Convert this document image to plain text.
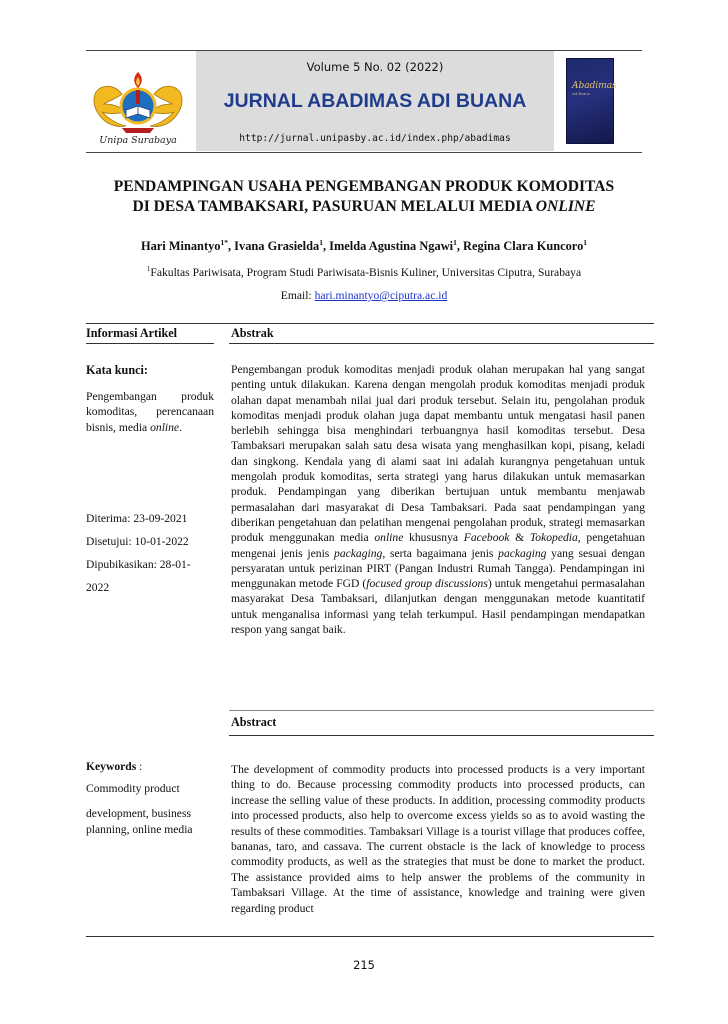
Volume 5 No. 02 (2022)
JURNAL ABADIMAS ADI BUANA
http://jurnal.unipasby.ac.id/index.php/abadimas
Unipa Surabaya
Abadimas
Adi Buana
PENDAMPINGAN USAHA PENGEMBANGAN PRODUK KOMODITAS
DI DESA TAMBAKSARI, PASURUAN MELALUI MEDIA ONLINE
Hari Minantyo$^{1*}$, Ivana Grasielda$^1$, Imelda Agustina Ngawi$^1$, Regina Clara Kuncoro$^1$
$^1$Fakultas Pariwisata, Program Studi Pariwisata-Bisnis Kuliner, Universitas Ciputra, Surabaya
Email: hari.minantyo@ciputra.ac.id
Informasi Artikel	Abstrak
Kata kunci:
Pengembangan produk komoditas, perencanaan bisnis, media online.
Diterima: 23-09-2021
Disetujui: 10-01-2022
Dipubikasikan: 28-01-
2022
Pengembangan produk komoditas menjadi produk olahan merupakan hal yang sangat penting untuk dilakukan. Karena dengan mengolah produk komoditas menjadi produk olahan dapat menambah nilai jual dari produk tersebut. Selain itu, pengolahan produk komoditas menjadi produk olahan juga dapat membantu untuk mengatasi hasil panen berlebih sehingga bisa menghindari terbuangnya hasil komoditas tersebut. Desa Tambaksari merupakan salah satu desa wisata yang menghasilkan kopi, pisang, keladi dan singkong. Kendala yang di alami saat ini adalah kurangnya pengetahuan untuk mengolah produk komoditas, serta strategi yang harus dilakukan untuk memasarkan produk. Pendampingan yang diberikan bertujuan untuk membantu menjawab permasalahan dari masyarakat di Desa Tambaksari. Pada saat pendampingan yang diberikan pengetahuan dan pelatihan mengenai pengolahan produk, strategi memasarkan produk menggunakan media online khususnya Facebook & Tokopedia, pengetahuan mengenai jenis jenis packaging, serta bagaimana jenis packaging yang sesuai dengan persyaratan untuk perizinan PIRT (Pangan Industri Rumah Tangga). Pendampingan ini menggunakan metode FGD (focused group discussions) untuk mengetahui permasalahan masyarakat Desa Tambaksari, dilanjutkan dengan menggunakan metode kuantitatif untuk menganalisa informasi yang telah terkumpul. Hasil pendampingan mendapatkan respon yang sangat baik.
Abstract
Keywords :
Commodity product
development, business planning, online media
The development of commodity products into processed products is a very important thing to do. Because processing commodity products into processed products, can increase the selling value of these products. In addition, processing commodity products into processed products, also help to overcome excess yields so as to avoid wasting the results of these commodities. Tambaksari Village is a tourist village that produces coffee, bananas, taro, and cassava. The current obstacle is the lack of knowledge to process commodity products, as well as the strategies that must be done to market the product. The assistance provided aims to help answer the problems of the community in Tambaksari Village. At the time of assistance, knowledge and training were given regarding product
215
